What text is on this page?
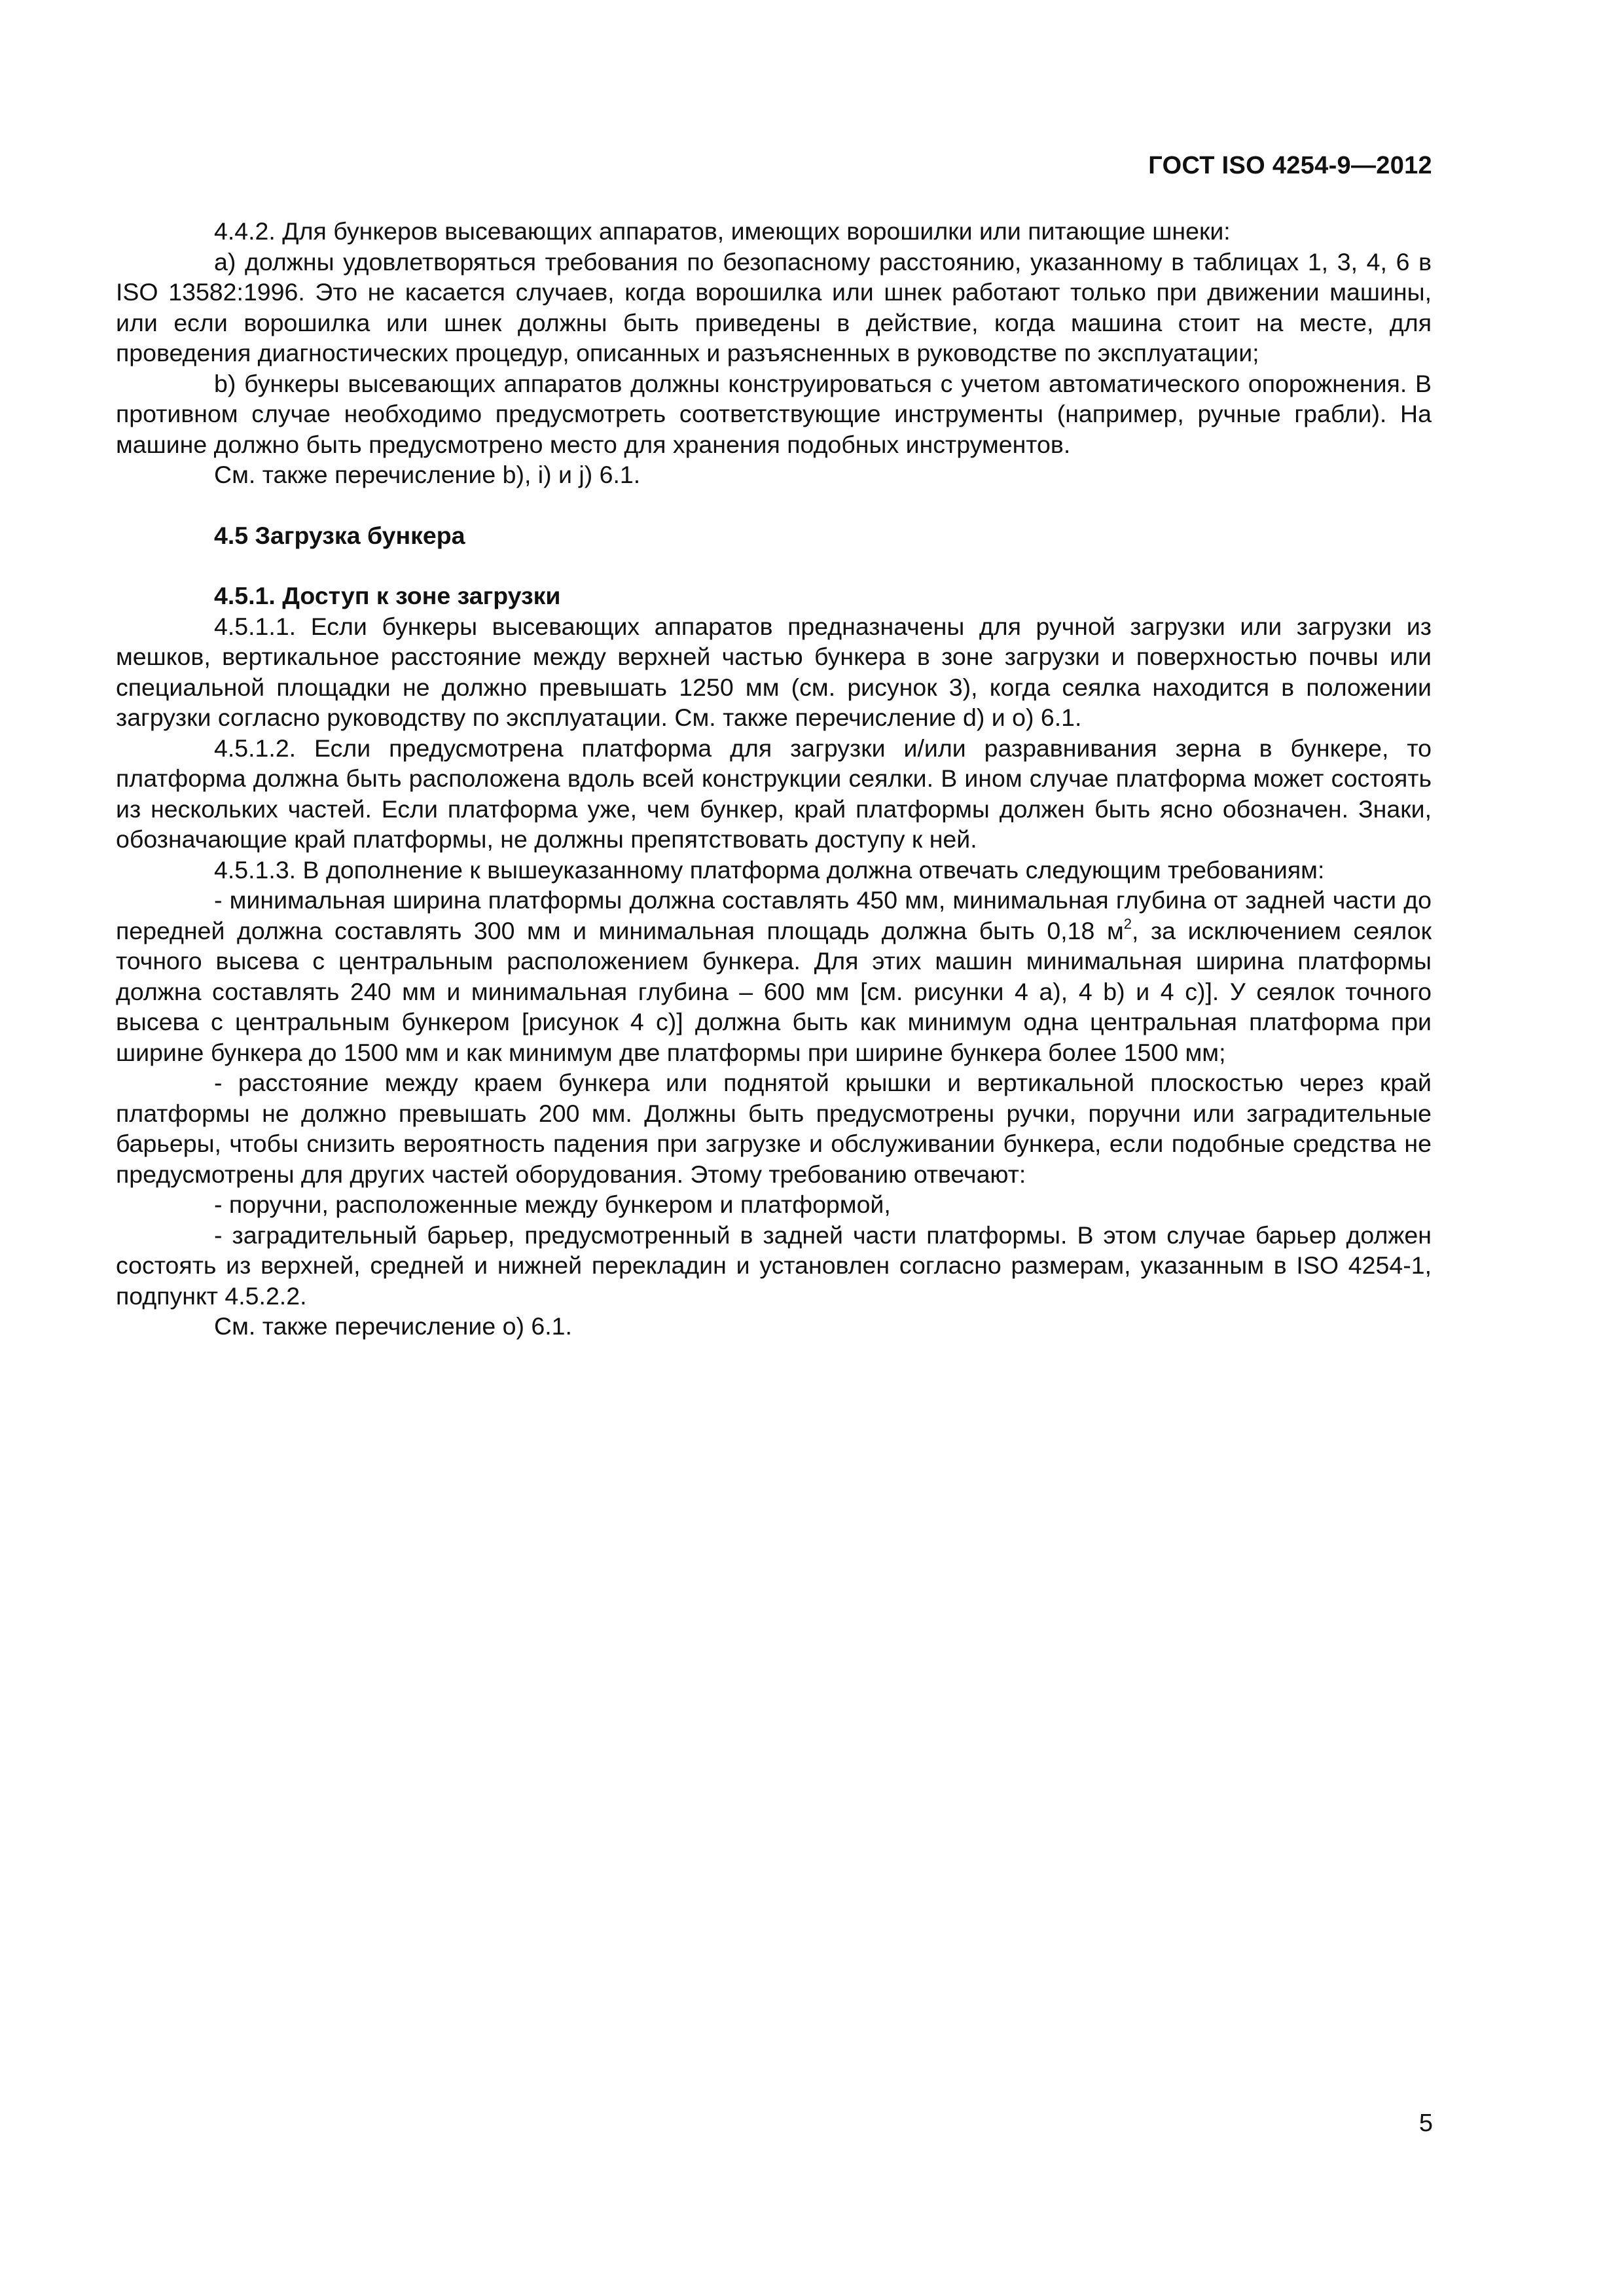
ГОСТ ISO 4254-9—2012

4.4.2. Для бункеров высевающих аппаратов, имеющих ворошилки или питающие шнеки:

a) должны удовлетворяться требования по безопасному расстоянию, указанному в таблицах 1, 3, 4, 6 в ISO 13582:1996. Это не касается случаев, когда ворошилка или шнек работают только при движении машины, или если ворошилка или шнек должны быть приведены в действие, когда машина стоит на месте, для проведения диагностических процедур, описанных и разъясненных в руководстве по эксплуатации;

b) бункеры высевающих аппаратов должны конструироваться с учетом автоматического опорожнения. В противном случае необходимо предусмотреть соответствующие инструменты (например, ручные грабли). На машине должно быть предусмотрено место для хранения подобных инструментов.

См. также перечисление b), i) и j) 6.1.

4.5 Загрузка бункера

4.5.1. Доступ к зоне загрузки

4.5.1.1. Если бункеры высевающих аппаратов предназначены для ручной загрузки или загрузки из мешков, вертикальное расстояние между верхней частью бункера в зоне загрузки и поверхностью почвы или специальной площадки не должно превышать 1250 мм (см. рисунок 3), когда сеялка находится в положении загрузки согласно руководству по эксплуатации. См. также перечисление d) и o) 6.1.

4.5.1.2. Если предусмотрена платформа для загрузки и/или разравнивания зерна в бункере, то платформа должна быть расположена вдоль всей конструкции сеялки. В ином случае платформа может состоять из нескольких частей. Если платформа уже, чем бункер, край платформы должен быть ясно обозначен. Знаки, обозначающие край платформы, не должны препятствовать доступу к ней.

4.5.1.3. В дополнение к вышеуказанному платформа должна отвечать следующим требованиям:

- минимальная ширина платформы должна составлять 450 мм, минимальная глубина от задней части до передней должна составлять 300 мм и минимальная площадь должна быть 0,18 $м^2$, за исключением сеялок точного высева с центральным расположением бункера. Для этих машин минимальная ширина платформы должна составлять 240 мм и минимальная глубина – 600 мм [см. рисунки 4 a), 4 b) и 4 c)]. У сеялок точного высева с центральным бункером [рисунок 4 c)] должна быть как минимум одна центральная платформа при ширине бункера до 1500 мм и как минимум две платформы при ширине бункера более 1500 мм;

- расстояние между краем бункера или поднятой крышки и вертикальной плоскостью через край платформы не должно превышать 200 мм. Должны быть предусмотрены ручки, поручни или заградительные барьеры, чтобы снизить вероятность падения при загрузке и обслуживании бункера, если подобные средства не предусмотрены для других частей оборудования. Этому требованию отвечают:

- поручни, расположенные между бункером и платформой,

- заградительный барьер, предусмотренный в задней части платформы. В этом случае барьер должен состоять из верхней, средней и нижней перекладин и установлен согласно размерам, указанным в ISO 4254-1, подпункт 4.5.2.2.

См. также перечисление o) 6.1.

5
